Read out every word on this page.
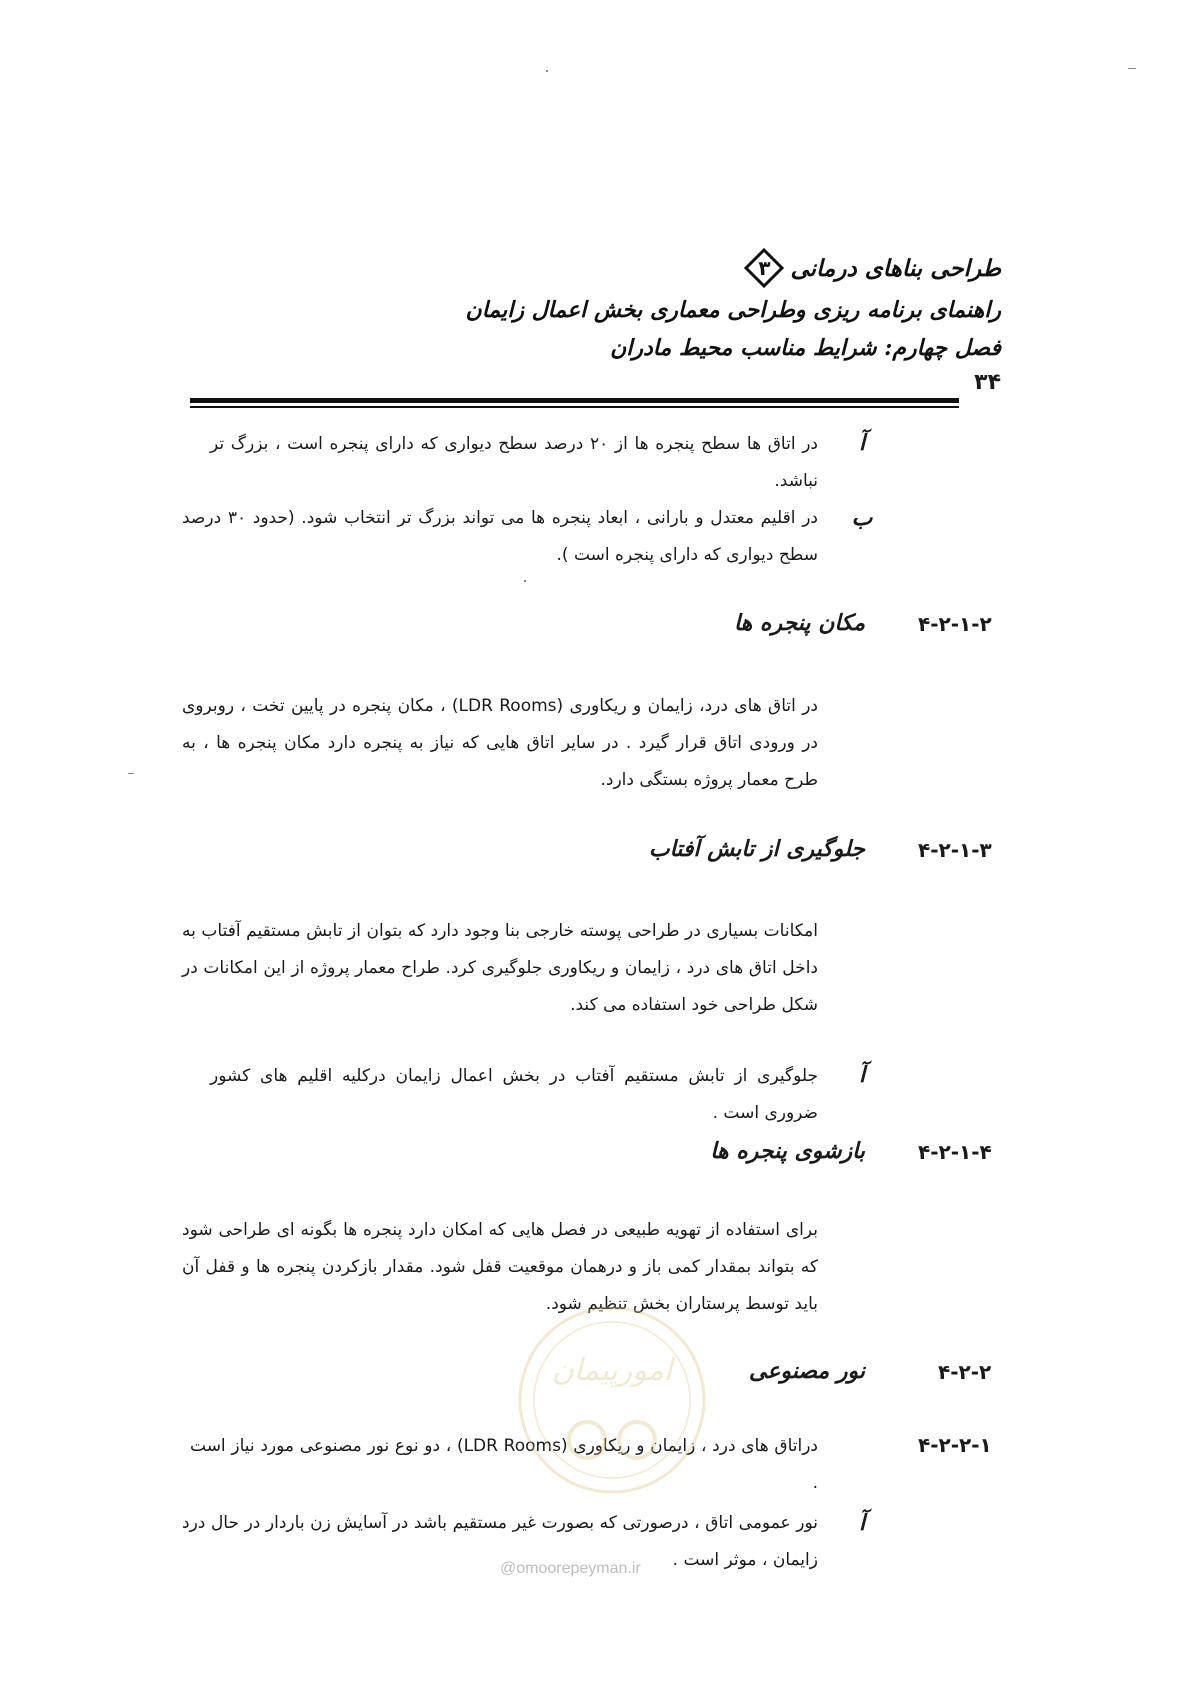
طراحی بناهای درمانی
۳
راهنمای برنامه ریزی وطراحی معماری بخش اعمال زایمان
فصل چهارم: شرایط مناسب محیط مادران
۳۴
آ
در اتاق ها سطح پنجره ها از ۲۰ درصد سطح دیواری که دارای پنجره است ، بزرگ تر نباشد.
ب
در اقلیم معتدل و بارانی ، ابعاد پنجره ها می تواند بزرگ تر انتخاب شود. (حدود ۳۰ درصد سطح دیواری که دارای پنجره است ).
۴-۲-۱-۲
مکان پنجره ها
در اتاق های درد، زایمان و ریکاوری (LDR Rooms) ، مکان پنجره در پایین تخت ، روبروی در ورودی اتاق قرار گیرد . در سایر اتاق هایی که نیاز به پنجره دارد مکان پنجره ها ، به طرح معمار پروژه بستگی دارد.
۴-۲-۱-۳
جلوگیری از تابش آفتاب
امکانات بسیاری در طراحی پوسته خارجی بنا وجود دارد که بتوان از تابش مستقیم آفتاب به داخل اتاق های درد ، زایمان و ریکاوری جلوگیری کرد. طراح معمار پروژه از این امکانات در شکل طراحی خود استفاده می کند.
آ
جلوگیری از تابش مستقیم آفتاب در بخش اعمال زایمان درکلیه اقلیم های کشور ضروری است .
۴-۲-۱-۴
بازشوی پنجره ها
برای استفاده از تهویه طبیعی در فصل هایی که امکان دارد پنجره ها بگونه ای طراحی شود که بتواند بمقدار کمی باز و درهمان موقعیت قفل شود. مقدار بازکردن پنجره ها و قفل آن باید توسط پرستاران بخش تنظیم شود.
۴-۲-۲
نور مصنوعی
۴-۲-۲-۱
دراتاق های درد ، زایمان و ریکاوری (LDR Rooms) ، دو نوع نور مصنوعی مورد نیاز است .
آ
نور عمومی اتاق ، درصورتی که بصورت غیر مستقیم باشد در آسایش زن باردار در حال درد زایمان ، موثر است .
امورپیمان
@omoorepeyman.ir
